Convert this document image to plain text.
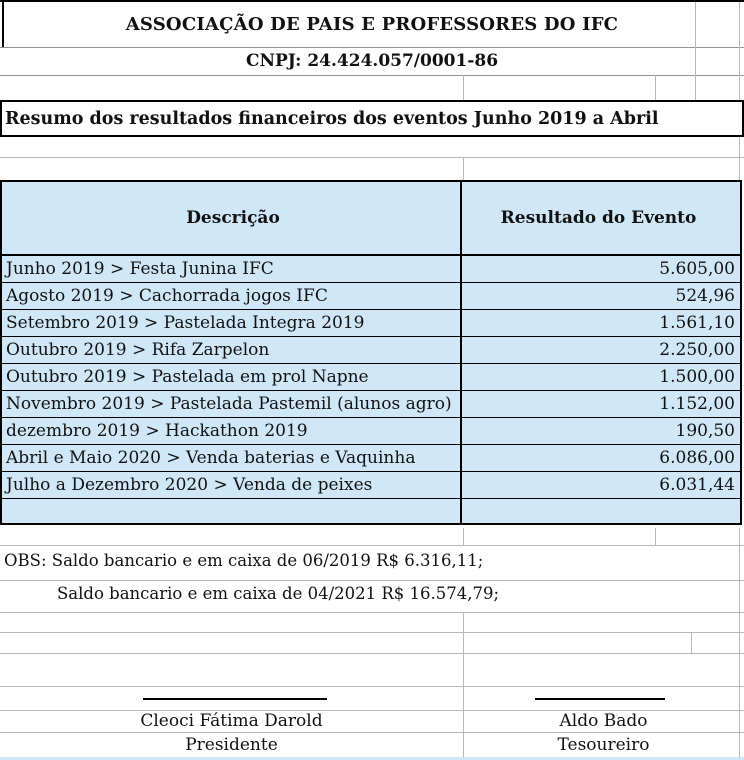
ASSOCIAÇÃO DE PAIS E PROFESSORES DO IFC
CNPJ: 24.424.057/0001-86
Resumo dos resultados financeiros dos eventos Junho 2019 a Abril
Descrição	Resultado do Evento
Junho 2019 > Festa Junina IFC	5.605,00
Agosto 2019 > Cachorrada jogos IFC	524,96
Setembro 2019 > Pastelada Integra 2019	1.561,10
Outubro 2019 > Rifa Zarpelon	2.250,00
Outubro 2019 > Pastelada em prol Napne	1.500,00
Novembro 2019 > Pastelada Pastemil (alunos agro)	1.152,00
dezembro 2019 > Hackathon 2019	190,50
Abril e Maio 2020 > Venda baterias e Vaquinha	6.086,00
Julho a Dezembro 2020 > Venda de peixes	6.031,44
OBS: Saldo bancario e em caixa de 06/2019 R$ 6.316,11;
Saldo bancario e em caixa de 04/2021 R$ 16.574,79;
Cleoci Fátima Darold	Aldo Bado
Presidente	Tesoureiro
